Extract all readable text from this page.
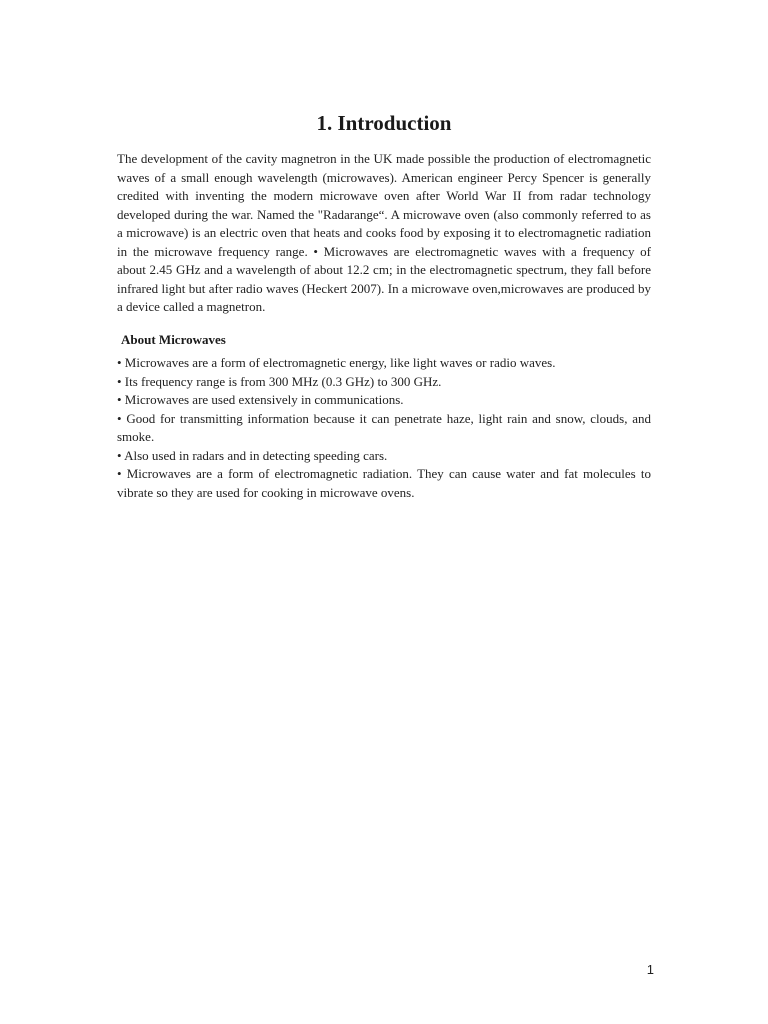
1. Introduction

The development of the cavity magnetron in the UK made possible the production of electromagnetic waves of a small enough wavelength (microwaves). American engineer Percy Spencer is generally credited with inventing the modern microwave oven after World War II from radar technology developed during the war. Named the "Radarange“. A microwave oven (also commonly referred to as a microwave) is an electric oven that heats and cooks food by exposing it to electromagnetic radiation in the microwave frequency range. • Microwaves are electromagnetic waves with a frequency of about 2.45 GHz and a wavelength of about 12.2 cm; in the electromagnetic spectrum, they fall before infrared light but after radio waves (Heckert 2007). In a microwave oven,microwaves are produced by a device called a magnetron.

About Microwaves
• Microwaves are a form of electromagnetic energy, like light waves or radio waves.
• Its frequency range is from 300 MHz (0.3 GHz) to 300 GHz.
• Microwaves are used extensively in communications.
• Good for transmitting information because it can penetrate haze, light rain and snow, clouds, and smoke.
• Also used in radars and in detecting speeding cars.
• Microwaves are a form of electromagnetic radiation. They can cause water and fat molecules to vibrate so they are used for cooking in microwave ovens.
1
